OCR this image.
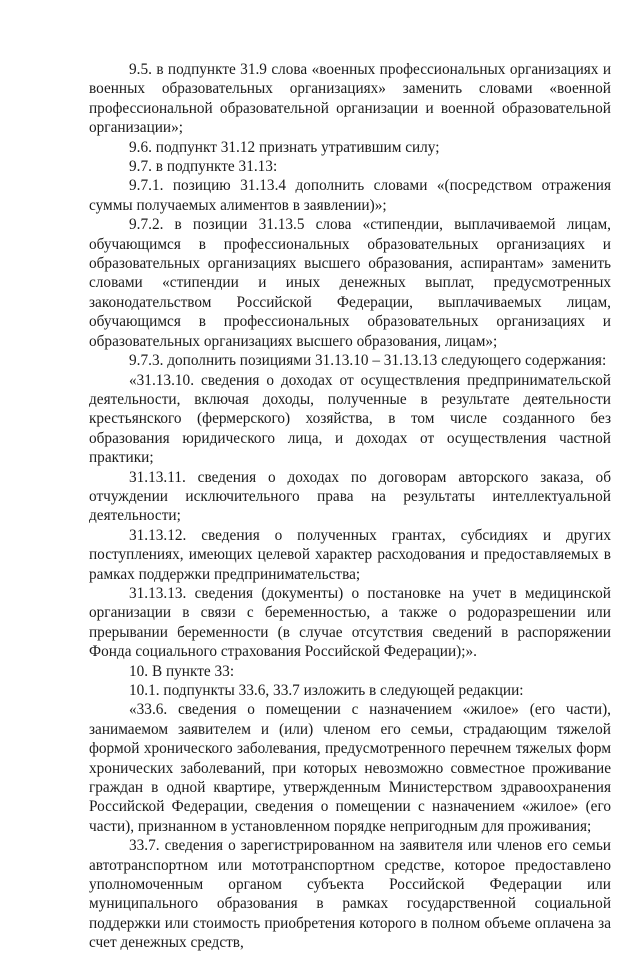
9.5. в подпункте 31.9 слова «военных профессиональных организациях и военных образовательных организациях» заменить словами «военной профессиональной образовательной организации и военной образовательной организации»;

9.6. подпункт 31.12 признать утратившим силу;

9.7. в подпункте 31.13:

9.7.1. позицию 31.13.4 дополнить словами «(посредством отражения суммы получаемых алиментов в заявлении)»;

9.7.2. в позиции 31.13.5 слова «стипендии, выплачиваемой лицам, обучающимся в профессиональных образовательных организациях и образовательных организациях высшего образования, аспирантам» заменить словами «стипендии и иных денежных выплат, предусмотренных законодательством Российской Федерации, выплачиваемых лицам, обучающимся в профессиональных образовательных организациях и образовательных организациях высшего образования, лицам»;

9.7.3. дополнить позициями 31.13.10 – 31.13.13 следующего содержания:

«31.13.10. сведения о доходах от осуществления предпринимательской деятельности, включая доходы, полученные в результате деятельности крестьянского (фермерского) хозяйства, в том числе созданного без образования юридического лица, и доходах от осуществления частной практики;

31.13.11. сведения о доходах по договорам авторского заказа, об отчуждении исключительного права на результаты интеллектуальной деятельности;

31.13.12. сведения о полученных грантах, субсидиях и других поступлениях, имеющих целевой характер расходования и предоставляемых в рамках поддержки предпринимательства;

31.13.13. сведения (документы) о постановке на учет в медицинской организации в связи с беременностью, а также о родоразрешении или прерывании беременности (в случае отсутствия сведений в распоряжении Фонда социального страхования Российской Федерации);».

10. В пункте 33:

10.1. подпункты 33.6, 33.7 изложить в следующей редакции:

«33.6. сведения о помещении с назначением «жилое» (его части), занимаемом заявителем и (или) членом его семьи, страдающим тяжелой формой хронического заболевания, предусмотренного перечнем тяжелых форм хронических заболеваний, при которых невозможно совместное проживание граждан в одной квартире, утвержденным Министерством здравоохранения Российской Федерации, сведения о помещении с назначением «жилое» (его части), признанном в установленном порядке непригодным для проживания;

33.7. сведения о зарегистрированном на заявителя или членов его семьи автотранспортном или мототранспортном средстве, которое предоставлено уполномоченным органом субъекта Российской Федерации или муниципального образования в рамках государственной социальной поддержки или стоимость приобретения которого в полном объеме оплачена за счет денежных средств,
